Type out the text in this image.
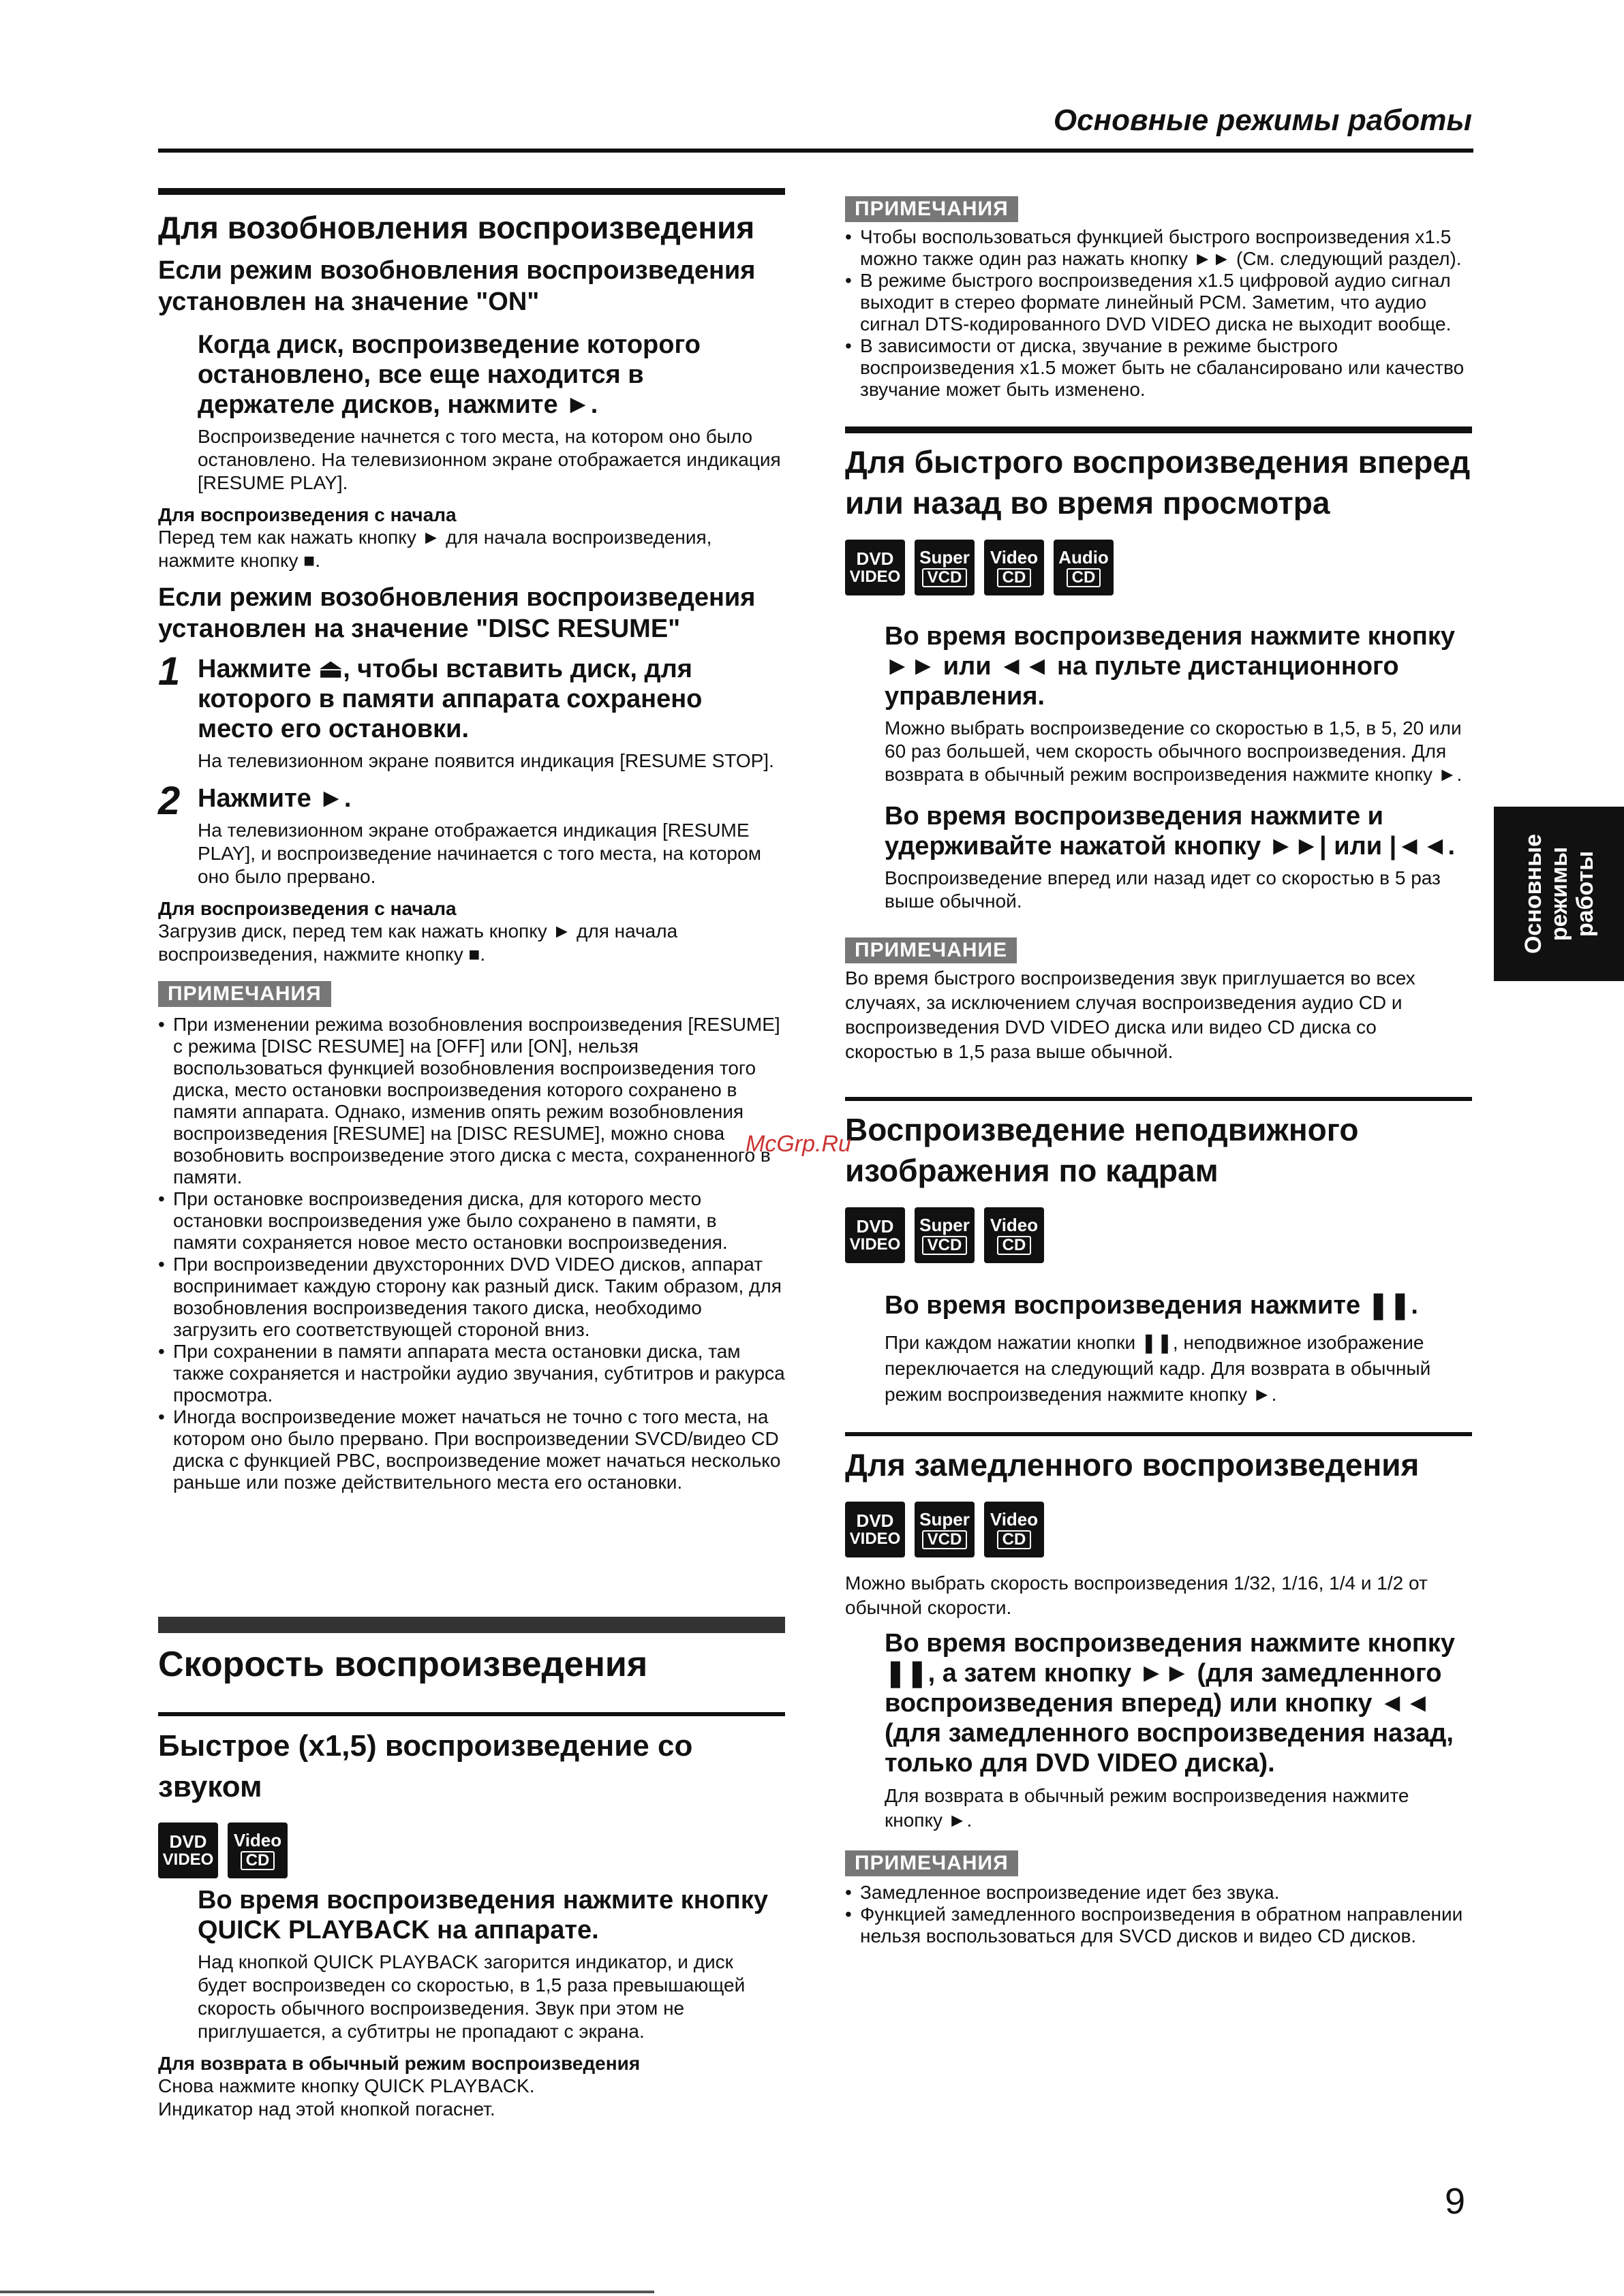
Основные режимы работы
Основные
режимы
работы
Для возобновления воспроизведения
Если режим возобновления воспроизведения установлен на значение "ON"
Когда диск, воспроизведение которого остановлено, все еще находится в держателе дисков, нажмите ►.
Воспроизведение начнется с того места, на котором оно было остановлено. На телевизионном экране отображается индикация [RESUME PLAY].
Для воспроизведения с начала
Перед тем как нажать кнопку ► для начала воспроизведения, нажмите кнопку ■.
Если режим возобновления воспроизведения установлен на значение "DISC RESUME"
1 Нажмите ⏏, чтобы вставить диск, для которого в памяти аппарата сохранено место его остановки.
На телевизионном экране появится индикация [RESUME STOP].
2 Нажмите ►.
На телевизионном экране отображается индикация [RESUME PLAY], и воспроизведение начинается с того места, на котором оно было прервано.
Для воспроизведения с начала
Загрузив диск, перед тем как нажать кнопку ► для начала воспроизведения, нажмите кнопку ■.
ПРИМЕЧАНИЯ
• При изменении режима возобновления воспроизведения [RESUME] с режима [DISC RESUME] на [OFF] или [ON], нельзя воспользоваться функцией возобновления воспроизведения того диска, место остановки воспроизведения которого сохранено в памяти аппарата. Однако, изменив опять режим возобновления воспроизведения [RESUME] на [DISC RESUME], можно снова возобновить воспроизведение этого диска с места, сохраненного в памяти.
• При остановке воспроизведения диска, для которого место остановки воспроизведения уже было сохранено в памяти, в памяти сохраняется новое место остановки воспроизведения.
• При воспроизведении двухсторонних DVD VIDEO дисков, аппарат воспринимает каждую сторону как разный диск. Таким образом, для возобновления воспроизведения такого диска, необходимо загрузить его соответствующей стороной вниз.
• При сохранении в памяти аппарата места остановки диска, там также сохраняется и настройки аудио звучания, субтитров и ракурса просмотра.
• Иногда воспроизведение может начаться не точно с того места, на котором оно было прервано. При воспроизведении SVCD/видео CD диска с функцией PBC, воспроизведение может начаться несколько раньше или позже действительного места его остановки.
Скорость воспроизведения
Быстрое (x1,5) воспроизведение со звуком
DVD
VIDEO
Video
CD
Во время воспроизведения нажмите кнопку QUICK PLAYBACK на аппарате.
Над кнопкой QUICK PLAYBACK загорится индикатор, и диск будет воспроизведен со скоростью, в 1,5 раза превышающей скорость обычного воспроизведения. Звук при этом не приглушается, а субтитры не пропадают с экрана.
Для возврата в обычный режим воспроизведения
Снова нажмите кнопку QUICK PLAYBACK.
Индикатор над этой кнопкой погаснет.
ПРИМЕЧАНИЯ
• Чтобы воспользоваться функцией быстрого воспроизведения x1.5 можно также один раз нажать кнопку ►► (См. следующий раздел).
• В режиме быстрого воспроизведения x1.5 цифровой аудио сигнал выходит в стерео формате линейный PCM. Заметим, что аудио сигнал DTS-кодированного DVD VIDEO диска не выходит вообще.
• В зависимости от диска, звучание в режиме быстрого воспроизведения x1.5 может быть не сбалансировано или качество звучание может быть изменено.
Для быстрого воспроизведения вперед или назад во время просмотра
DVD
VIDEO
Super
VCD
Video
CD
Audio
CD
Во время воспроизведения нажмите кнопку ►► или ◄◄ на пульте дистанционного управления.
Можно выбрать воспроизведение со скоростью в 1,5, в 5, 20 или 60 раз большей, чем скорость обычного воспроизведения. Для возврата в обычный режим воспроизведения нажмите кнопку ►.
Во время воспроизведения нажмите и удерживайте нажатой кнопку ►►| или |◄◄.
Воспроизведение вперед или назад идет со скоростью в 5 раз выше обычной.
ПРИМЕЧАНИЕ
Во время быстрого воспроизведения звук приглушается во всех случаях, за исключением случая воспроизведения аудио CD и воспроизведения DVD VIDEO диска или видео CD диска со скоростью в 1,5 раза выше обычной.
Воспроизведение неподвижного изображения по кадрам
DVD
VIDEO
Super
VCD
Video
CD
Во время воспроизведения нажмите ❚❚.
При каждом нажатии кнопки ❚❚, неподвижное изображение переключается на следующий кадр. Для возврата в обычный режим воспроизведения нажмите кнопку ►.
Для замедленного воспроизведения
DVD
VIDEO
Super
VCD
Video
CD
Можно выбрать скорость воспроизведения 1/32, 1/16, 1/4 и 1/2 от обычной скорости.
Во время воспроизведения нажмите кнопку ❚❚, а затем кнопку ►► (для замедленного воспроизведения вперед) или кнопку ◄◄ (для замедленного воспроизведения назад, только для DVD VIDEO диска).
Для возврата в обычный режим воспроизведения нажмите кнопку ►.
ПРИМЕЧАНИЯ
• Замедленное воспроизведение идет без звука.
• Функцией замедленного воспроизведения в обратном направлении нельзя воспользоваться для SVCD дисков и видео CD дисков.
McGrp.Ru
9
